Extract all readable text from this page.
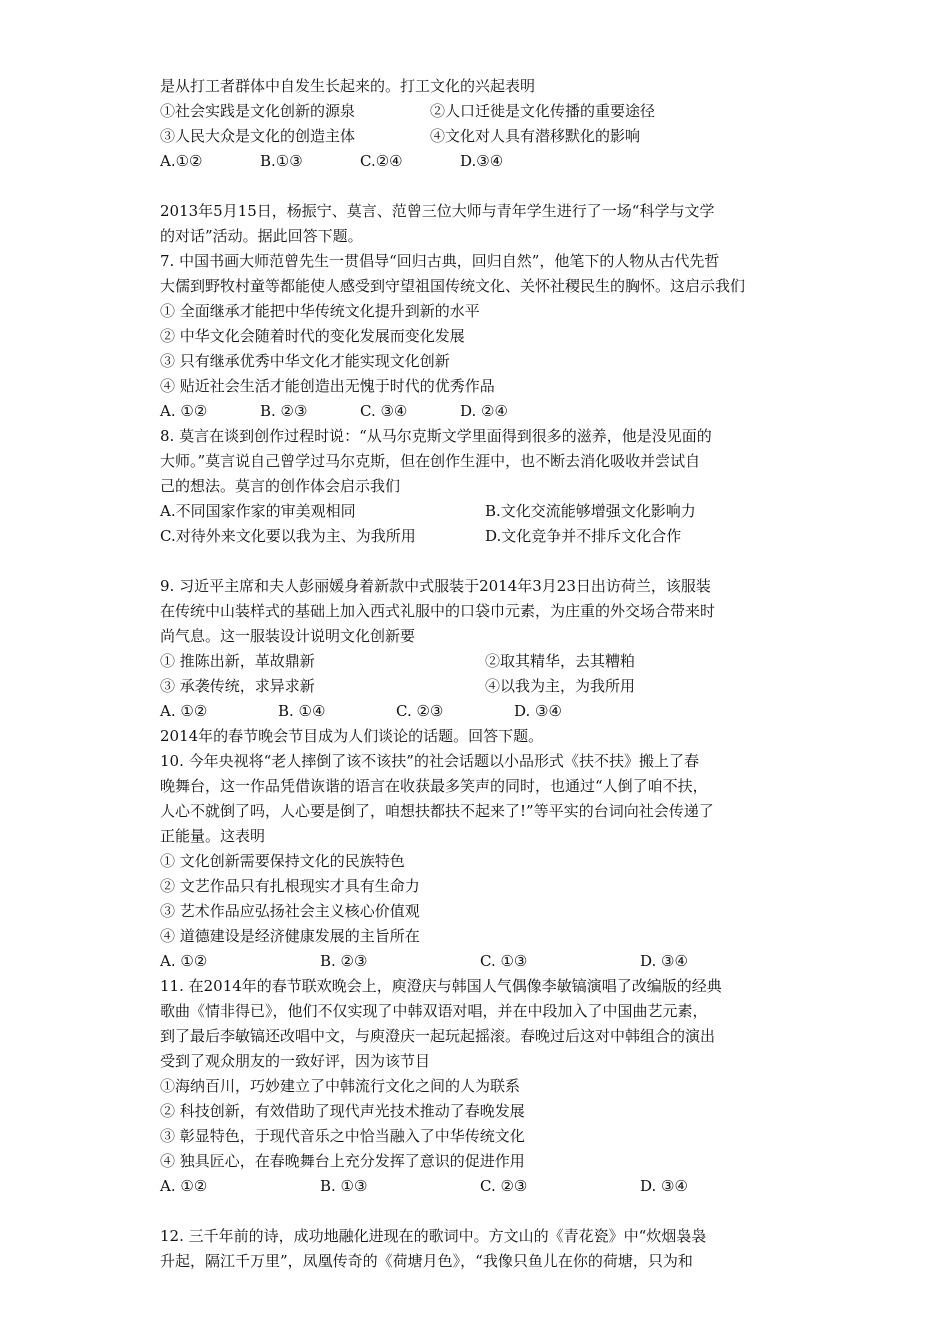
是从打工者群体中自发生长起来的。打工文化的兴起表明
①社会实践是文化创新的源泉	②人口迁徙是文化传播的重要途径
③人民大众是文化的创造主体	④文化对人具有潜移默化的影响
A.①②	B.①③	C.②④	D.③④
2013年5月15日，杨振宁、莫言、范曾三位大师与青年学生进行了一场“科学与文学
的对话”活动。据此回答下题。
7. 中国书画大师范曾先生一贯倡导“回归古典，回归自然”，他笔下的人物从古代先哲
大儒到野牧村童等都能使人感受到守望祖国传统文化、关怀社稷民生的胸怀。这启示我们
① 全面继承才能把中华传统文化提升到新的水平
② 中华文化会随着时代的变化发展而变化发展
③ 只有继承优秀中华文化才能实现文化创新
④ 贴近社会生活才能创造出无愧于时代的优秀作品
A. ①②	B. ②③	C. ③④	D. ②④
8. 莫言在谈到创作过程时说：“从马尔克斯文学里面得到很多的滋养，他是没见面的
大师。”莫言说自己曾学过马尔克斯，但在创作生涯中，也不断去消化吸收并尝试自
己的想法。莫言的创作体会启示我们
A.不同国家作家的审美观相同	B.文化交流能够增强文化影响力
C.对待外来文化要以我为主、为我所用	D.文化竞争并不排斥文化合作
9. 习近平主席和夫人彭丽媛身着新款中式服装于2014年3月23日出访荷兰，该服装
在传统中山装样式的基础上加入西式礼服中的口袋巾元素，为庄重的外交场合带来时
尚气息。这一服装设计说明文化创新要
① 推陈出新，革故鼎新	②取其精华，去其糟粕
③ 承袭传统，求异求新	④以我为主，为我所用
A. ①②	B. ①④	C. ②③	D. ③④
2014年的春节晚会节目成为人们谈论的话题。回答下题。
10. 今年央视将“老人摔倒了该不该扶”的社会话题以小品形式《扶不扶》搬上了春
晚舞台，这一作品凭借诙谐的语言在收获最多笑声的同时，也通过“人倒了咱不扶，
人心不就倒了吗，人心要是倒了，咱想扶都扶不起来了!”等平实的台词向社会传递了
正能量。这表明
① 文化创新需要保持文化的民族特色
② 文艺作品只有扎根现实才具有生命力
③ 艺术作品应弘扬社会主义核心价值观
④ 道德建设是经济健康发展的主旨所在
A. ①②	B. ②③	C. ①③	D. ③④
11. 在2014年的春节联欢晚会上，庾澄庆与韩国人气偶像李敏镐演唱了改编版的经典
歌曲《情非得已》，他们不仅实现了中韩双语对唱，并在中段加入了中国曲艺元素，
到了最后李敏镐还改唱中文，与庾澄庆一起玩起摇滚。春晚过后这对中韩组合的演出
受到了观众朋友的一致好评，因为该节目
①海纳百川，巧妙建立了中韩流行文化之间的人为联系
② 科技创新，有效借助了现代声光技术推动了春晚发展
③ 彰显特色，于现代音乐之中恰当融入了中华传统文化
④ 独具匠心，在春晚舞台上充分发挥了意识的促进作用
A. ①②	B. ①③	C. ②③	D. ③④
12. 三千年前的诗，成功地融化进现在的歌词中。方文山的《青花瓷》中“炊烟袅袅
升起，隔江千万里”，凤凰传奇的《荷塘月色》，“我像只鱼儿在你的荷塘，只为和
